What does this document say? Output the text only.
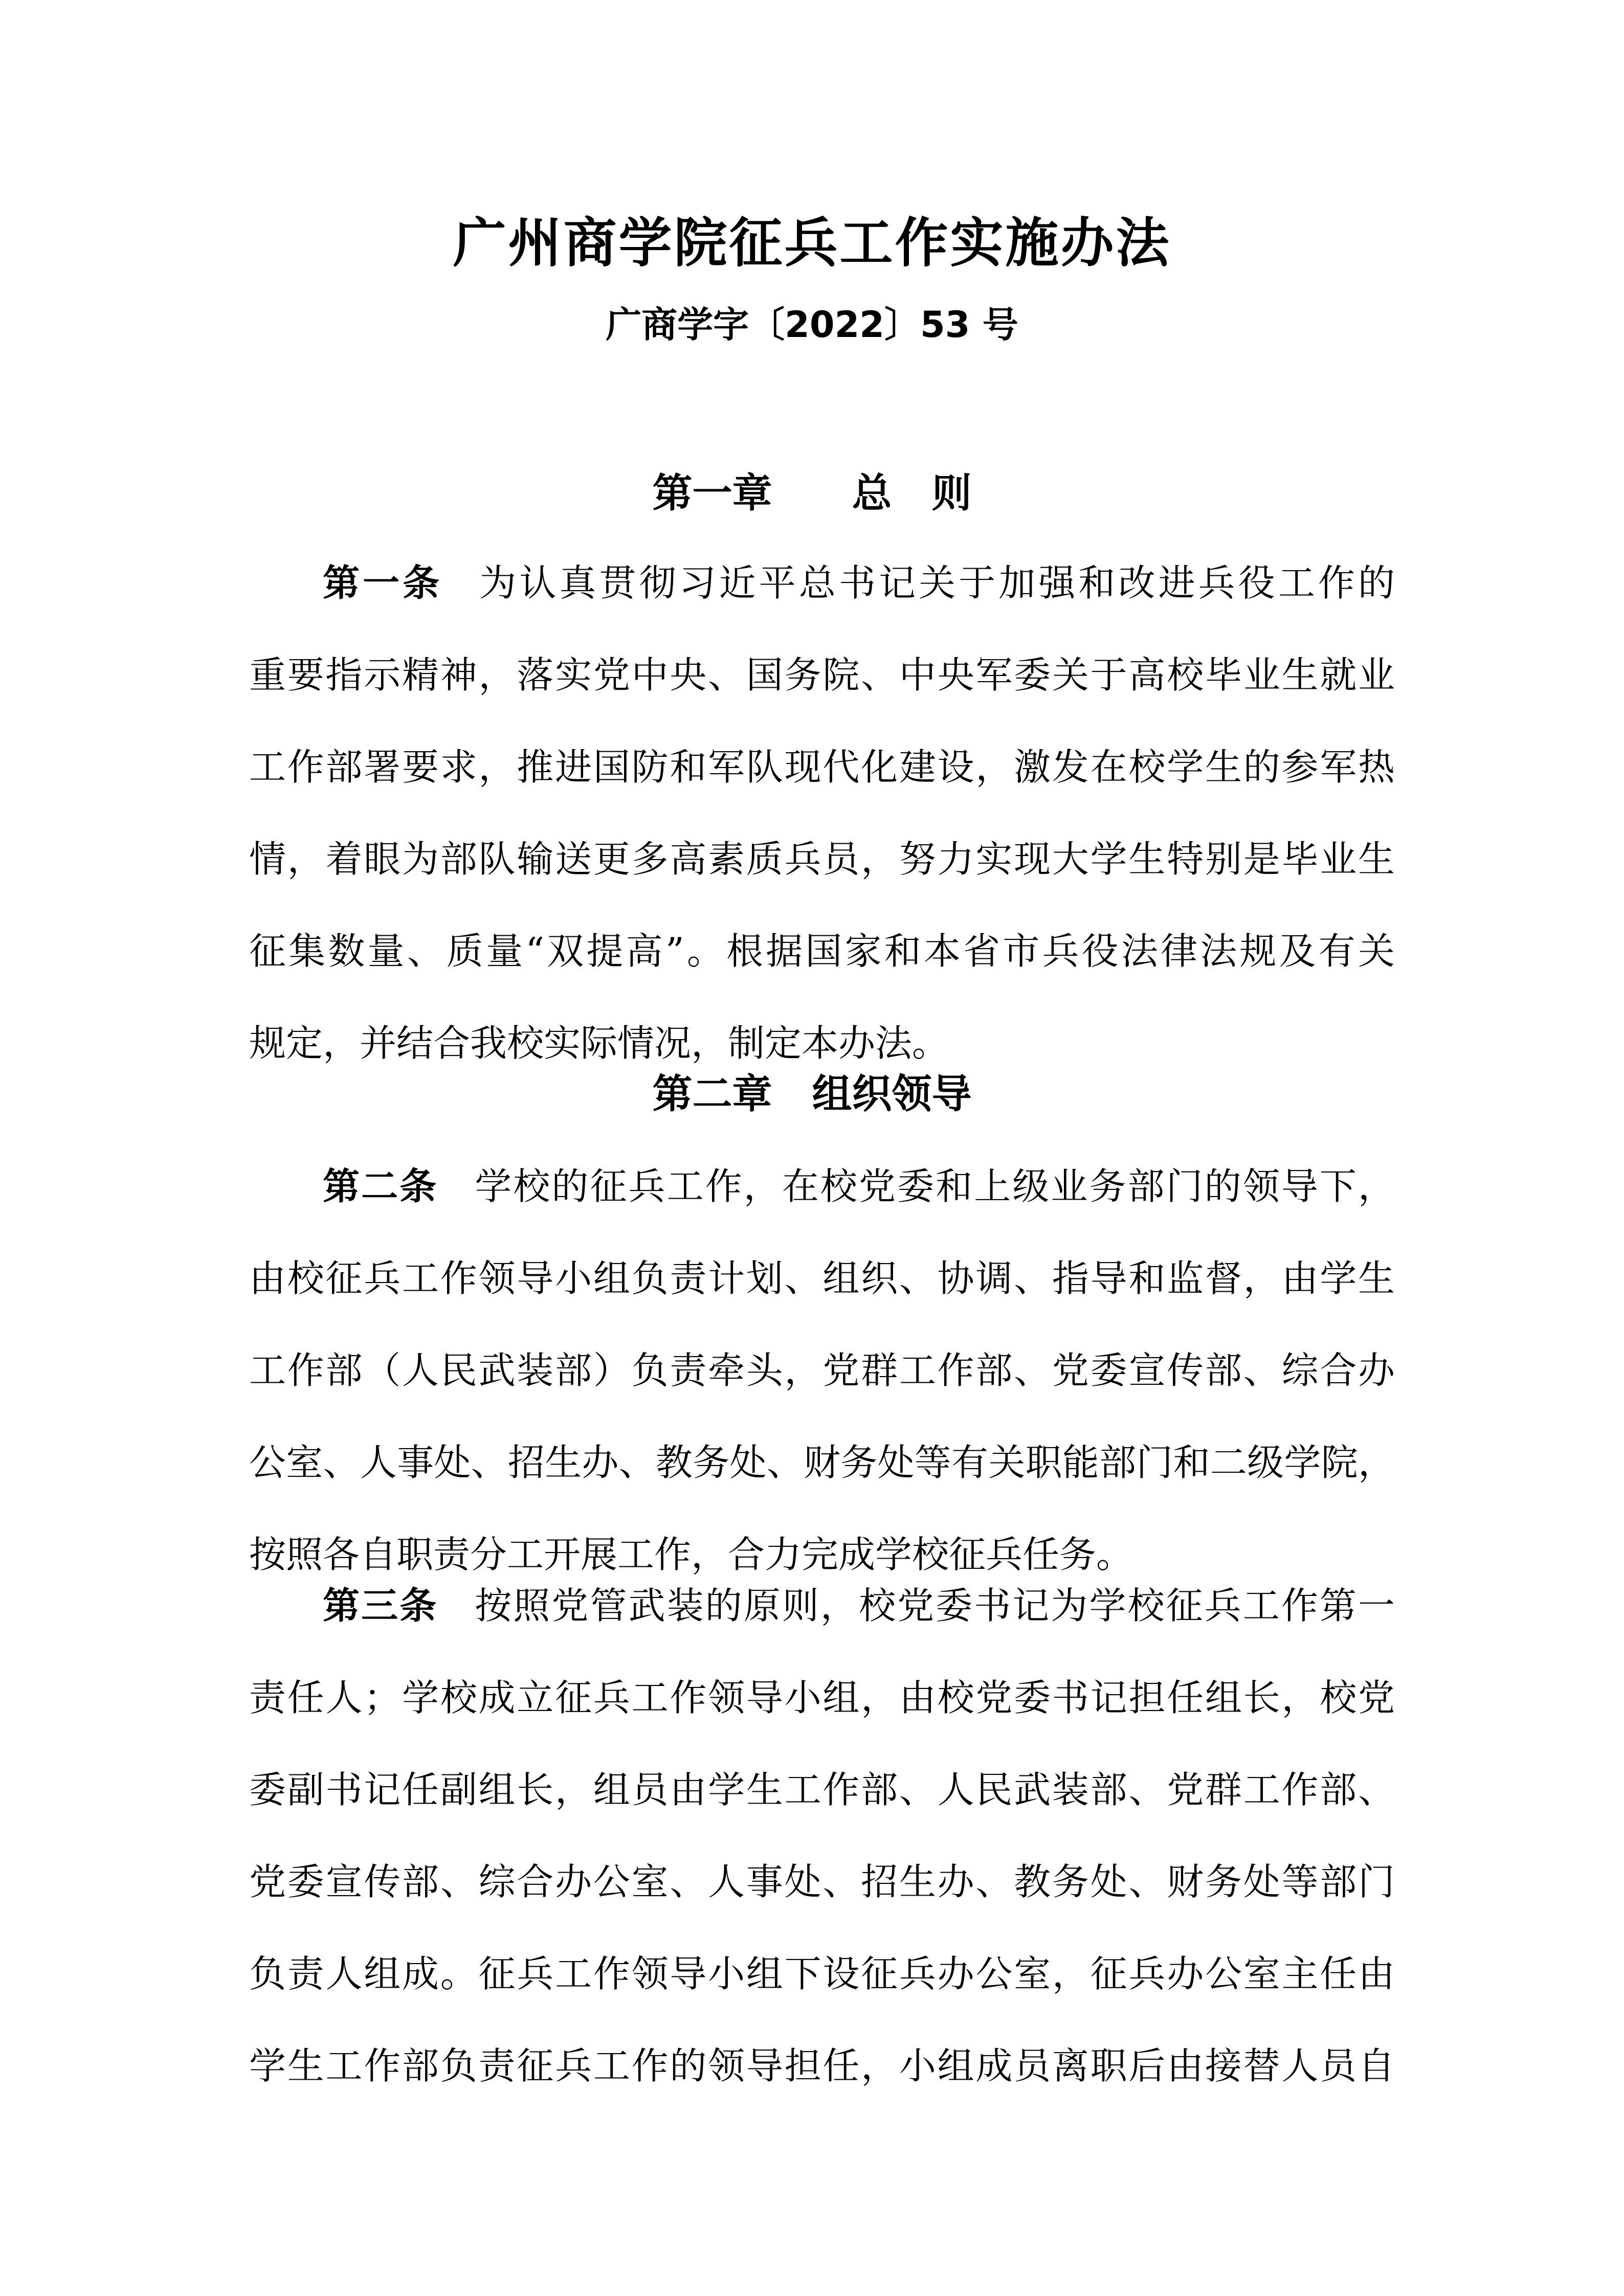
广州商学院征兵工作实施办法
广商学字〔2022〕53 号
第一章　　总　则
第一条 为认真贯彻习近平总书记关于加强和改进兵役工作的
重要指示精神，落实党中央、国务院、中央军委关于高校毕业生就业
工作部署要求，推进国防和军队现代化建设，激发在校学生的参军热
情，着眼为部队输送更多高素质兵员，努力实现大学生特别是毕业生
征集数量、质量“双提高”。根据国家和本省市兵役法律法规及有关
规定，并结合我校实际情况，制定本办法。
第二章　组织领导
第二条 学校的征兵工作，在校党委和上级业务部门的领导下，
由校征兵工作领导小组负责计划、组织、协调、指导和监督，由学生
工作部（人民武装部）负责牵头，党群工作部、党委宣传部、综合办
公室、人事处、招生办、教务处、财务处等有关职能部门和二级学院，
按照各自职责分工开展工作，合力完成学校征兵任务。
第三条 按照党管武装的原则，校党委书记为学校征兵工作第一
责任人；学校成立征兵工作领导小组，由校党委书记担任组长，校党
委副书记任副组长，组员由学生工作部、人民武装部、党群工作部、
党委宣传部、综合办公室、人事处、招生办、教务处、财务处等部门
负责人组成。征兵工作领导小组下设征兵办公室，征兵办公室主任由
学生工作部负责征兵工作的领导担任，小组成员离职后由接替人员自
